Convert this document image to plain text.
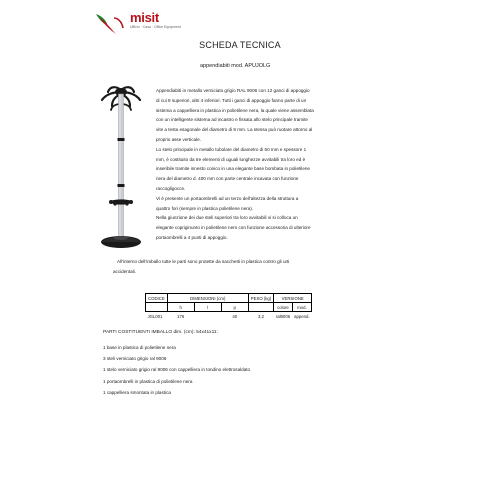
misit
Ufficio · Casa · Office Equipment
SCHEDA TECNICA
appendiabiti mod. APUJOLG

Appendiabiti in metallo verniciato grigio RAL 9006 con 12 ganci di appoggio

di cui 8 superiori, altri 4 inferiori. Tutti i ganci di appoggio fanno parte di un

sistema a cappelliera in plastica in polietilene nera, la quale viene assemblata

con un intelligente sistema ad incastro e fissata allo stelo principale tramite

vite a testa esagonale del diametro di 8 mm. La stessa può ruotare attorno al

proprio asse verticale.

Lo stelo principale in metallo tubolare del diametro di 50 mm e spessore 1

mm, è costituito da tre elementi di uguali lunghezze avvitabili tra loro ed è

inseribile tramite innesto conico in una elegante base bombata in polietilene

nera del diametro d. 400 mm con parte centrale incavata con funzione

raccogligocce.

Vi è presente un portaombrelli ad un terzo dell'altezza della struttura a

quattro fori (sempre in plastica polietilene nera).

Nella giunzione dei due steli superiori tra loro avvitabili vi si colloca un

elegante copriginunto in polietilene nero con funzione accessoria di ulteriore

portaombrelli a 4 punti di appoggio.

All'interno dell'imballo tutte le parti sono protette da sacchetti in plastica contro gli urti
accidentali.
CODICE	DIMENSIONI (cm)			PESO (kg)	VERSIONE	
	h	l	p		colore	mod.
JGL001	176		40	3,2	ral9006	append.
PARTI COSTITUENTI IMBALLO dim. (cm): 54x41x11:
1 base in plastica di polietilene nera
3 steli verniciato grigio ral 9006
1 stelo verniciato grigio ral 9006 con cappelliera in tondino elettrosaldato
1 portaombrelli in plastica di polietilene nera
1 cappelliera smontata in plastica
